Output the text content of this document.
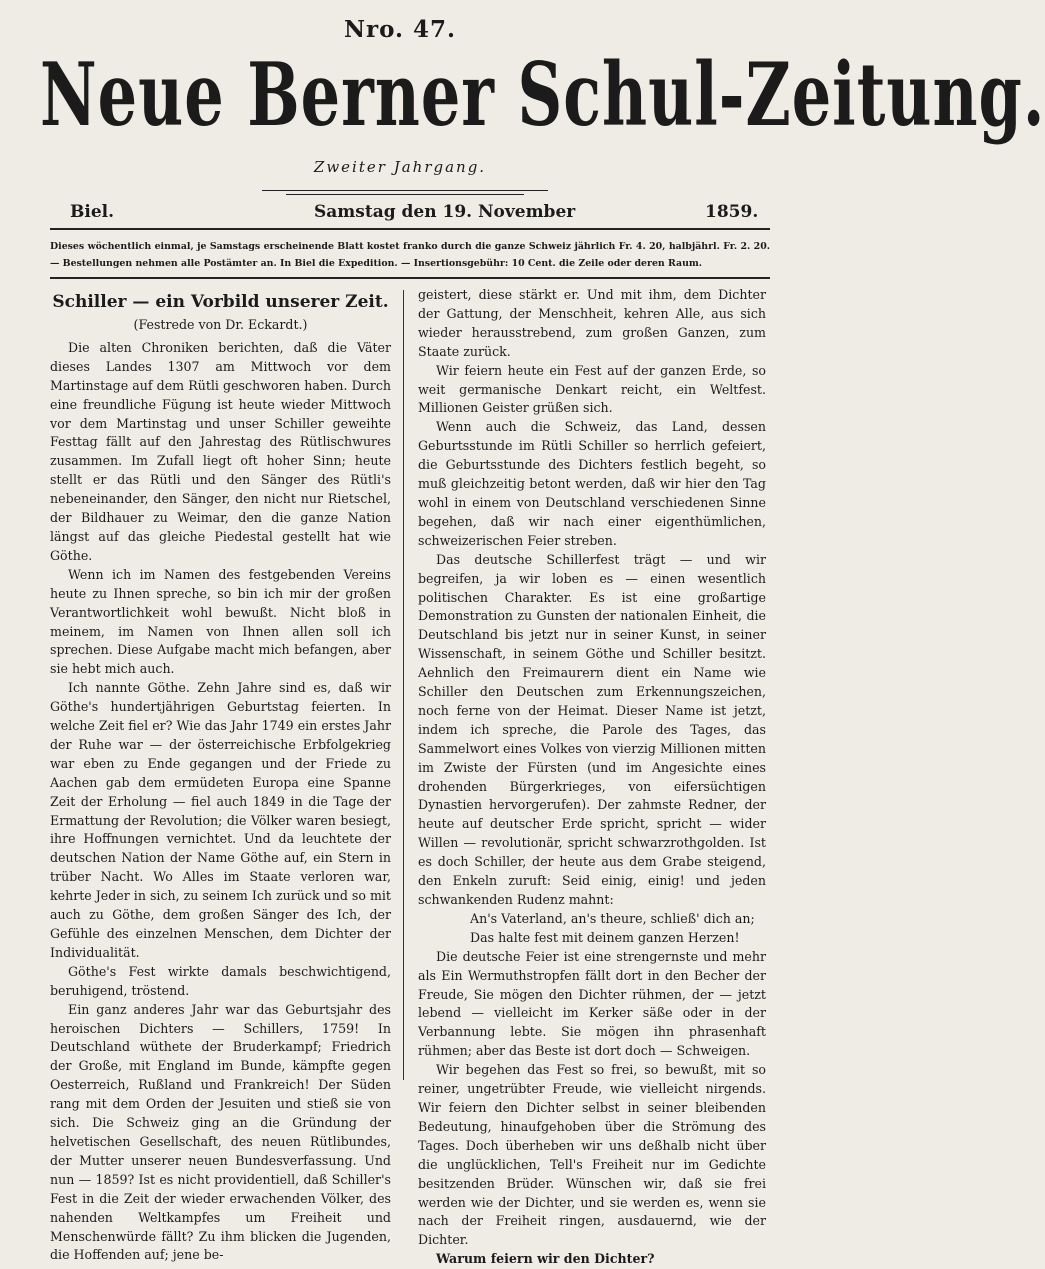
Nro. 47.
Neue Berner Schul-Zeitung.
Zweiter Jahrgang.
Biel.	Samstag den 19. November	1859.
Dieses wöchentlich einmal, je Samstags erscheinende Blatt kostet franko durch die ganze Schweiz jährlich Fr. 4. 20, halbjährl. Fr. 2. 20. — Bestellungen nehmen alle Postämter an. In Biel die Expedition. — Insertionsgebühr: 10 Cent. die Zeile oder deren Raum.
Schiller — ein Vorbild unserer Zeit.
(Festrede von Dr. Eckardt.)

Die alten Chroniken berichten, daß die Väter dieses Landes 1307 am Mittwoch vor dem Martinstage auf dem Rütli geschworen haben. Durch eine freundliche Fügung ist heute wieder Mittwoch vor dem Martinstag und unser Schiller geweihte Festtag fällt auf den Jahrestag des Rütlischwures zusammen. Im Zufall liegt oft hoher Sinn; heute stellt er das Rütli und den Sänger des Rütli's nebeneinander, den Sänger, den nicht nur Rietschel, der Bildhauer zu Weimar, den die ganze Nation längst auf das gleiche Piedestal gestellt hat wie Göthe.

Wenn ich im Namen des festgebenden Vereins heute zu Ihnen spreche, so bin ich mir der großen Verantwortlichkeit wohl bewußt. Nicht bloß in meinem, im Namen von Ihnen allen soll ich sprechen. Diese Aufgabe macht mich befangen, aber sie hebt mich auch.

Ich nannte Göthe. Zehn Jahre sind es, daß wir Göthe's hundertjährigen Geburtstag feierten. In welche Zeit fiel er? Wie das Jahr 1749 ein erstes Jahr der Ruhe war — der österreichische Erbfolgekrieg war eben zu Ende gegangen und der Friede zu Aachen gab dem ermüdeten Europa eine Spanne Zeit der Erholung — fiel auch 1849 in die Tage der Ermattung der Revolution; die Völker waren besiegt, ihre Hoffnungen vernichtet. Und da leuchtete der deutschen Nation der Name Göthe auf, ein Stern in trüber Nacht. Wo Alles im Staate verloren war, kehrte Jeder in sich, zu seinem Ich zurück und so mit auch zu Göthe, dem großen Sänger des Ich, der Gefühle des einzelnen Menschen, dem Dichter der Individualität.

Göthe's Fest wirkte damals beschwichtigend, beruhigend, tröstend.

Ein ganz anderes Jahr war das Geburtsjahr des heroischen Dichters — Schillers, 1759! In Deutschland wüthete der Bruderkampf; Friedrich der Große, mit England im Bunde, kämpfte gegen Oesterreich, Rußland und Frankreich! Der Süden rang mit dem Orden der Jesuiten und stieß sie von sich. Die Schweiz ging an die Gründung der helvetischen Gesellschaft, des neuen Rütlibundes, der Mutter unserer neuen Bundesverfassung. Und nun — 1859? Ist es nicht providentiell, daß Schiller's Fest in die Zeit der wieder erwachenden Völker, des nahenden Weltkampfes um Freiheit und Menschenwürde fällt? Zu ihm blicken die Jugenden, die Hoffenden auf; jene be-

geistert, diese stärkt er. Und mit ihm, dem Dichter der Gattung, der Menschheit, kehren Alle, aus sich wieder herausstrebend, zum großen Ganzen, zum Staate zurück.

Wir feiern heute ein Fest auf der ganzen Erde, so weit germanische Denkart reicht, ein Weltfest. Millionen Geister grüßen sich.

Wenn auch die Schweiz, das Land, dessen Geburtsstunde im Rütli Schiller so herrlich gefeiert, die Geburtsstunde des Dichters festlich begeht, so muß gleichzeitig betont werden, daß wir hier den Tag wohl in einem von Deutschland verschiedenen Sinne begehen, daß wir nach einer eigenthümlichen, schweizerischen Feier streben.

Das deutsche Schillerfest trägt — und wir begreifen, ja wir loben es — einen wesentlich politischen Charakter. Es ist eine großartige Demonstration zu Gunsten der nationalen Einheit, die Deutschland bis jetzt nur in seiner Kunst, in seiner Wissenschaft, in seinem Göthe und Schiller besitzt. Aehnlich den Freimaurern dient ein Name wie Schiller den Deutschen zum Erkennungszeichen, noch ferne von der Heimat. Dieser Name ist jetzt, indem ich spreche, die Parole des Tages, das Sammelwort eines Volkes von vierzig Millionen mitten im Zwiste der Fürsten (und im Angesichte eines drohenden Bürgerkrieges, von eifersüchtigen Dynastien hervorgerufen). Der zahmste Redner, der heute auf deutscher Erde spricht, spricht — wider Willen — revolutionär, spricht schwarzrothgolden. Ist es doch Schiller, der heute aus dem Grabe steigend, den Enkeln zuruft: Seid einig, einig! und jeden schwankenden Rudenz mahnt:

An's Vaterland, an's theure, schließ' dich an;
Das halte fest mit deinem ganzen Herzen!

Die deutsche Feier ist eine strengernste und mehr als Ein Wermuthstropfen fällt dort in den Becher der Freude, Sie mögen den Dichter rühmen, der — jetzt lebend — vielleicht im Kerker säße oder in der Verbannung lebte. Sie mögen ihn phrasenhaft rühmen; aber das Beste ist dort doch — Schweigen.

Wir begehen das Fest so frei, so bewußt, mit so reiner, ungetrübter Freude, wie vielleicht nirgends. Wir feiern den Dichter selbst in seiner bleibenden Bedeutung, hinaufgehoben über die Strömung des Tages. Doch überheben wir uns deßhalb nicht über die unglücklichen, Tell's Freiheit nur im Gedichte besitzenden Brüder. Wünschen wir, daß sie frei werden wie der Dichter, und sie werden es, wenn sie nach der Freiheit ringen, ausdauernd, wie der Dichter.

Warum feiern wir den Dichter?
